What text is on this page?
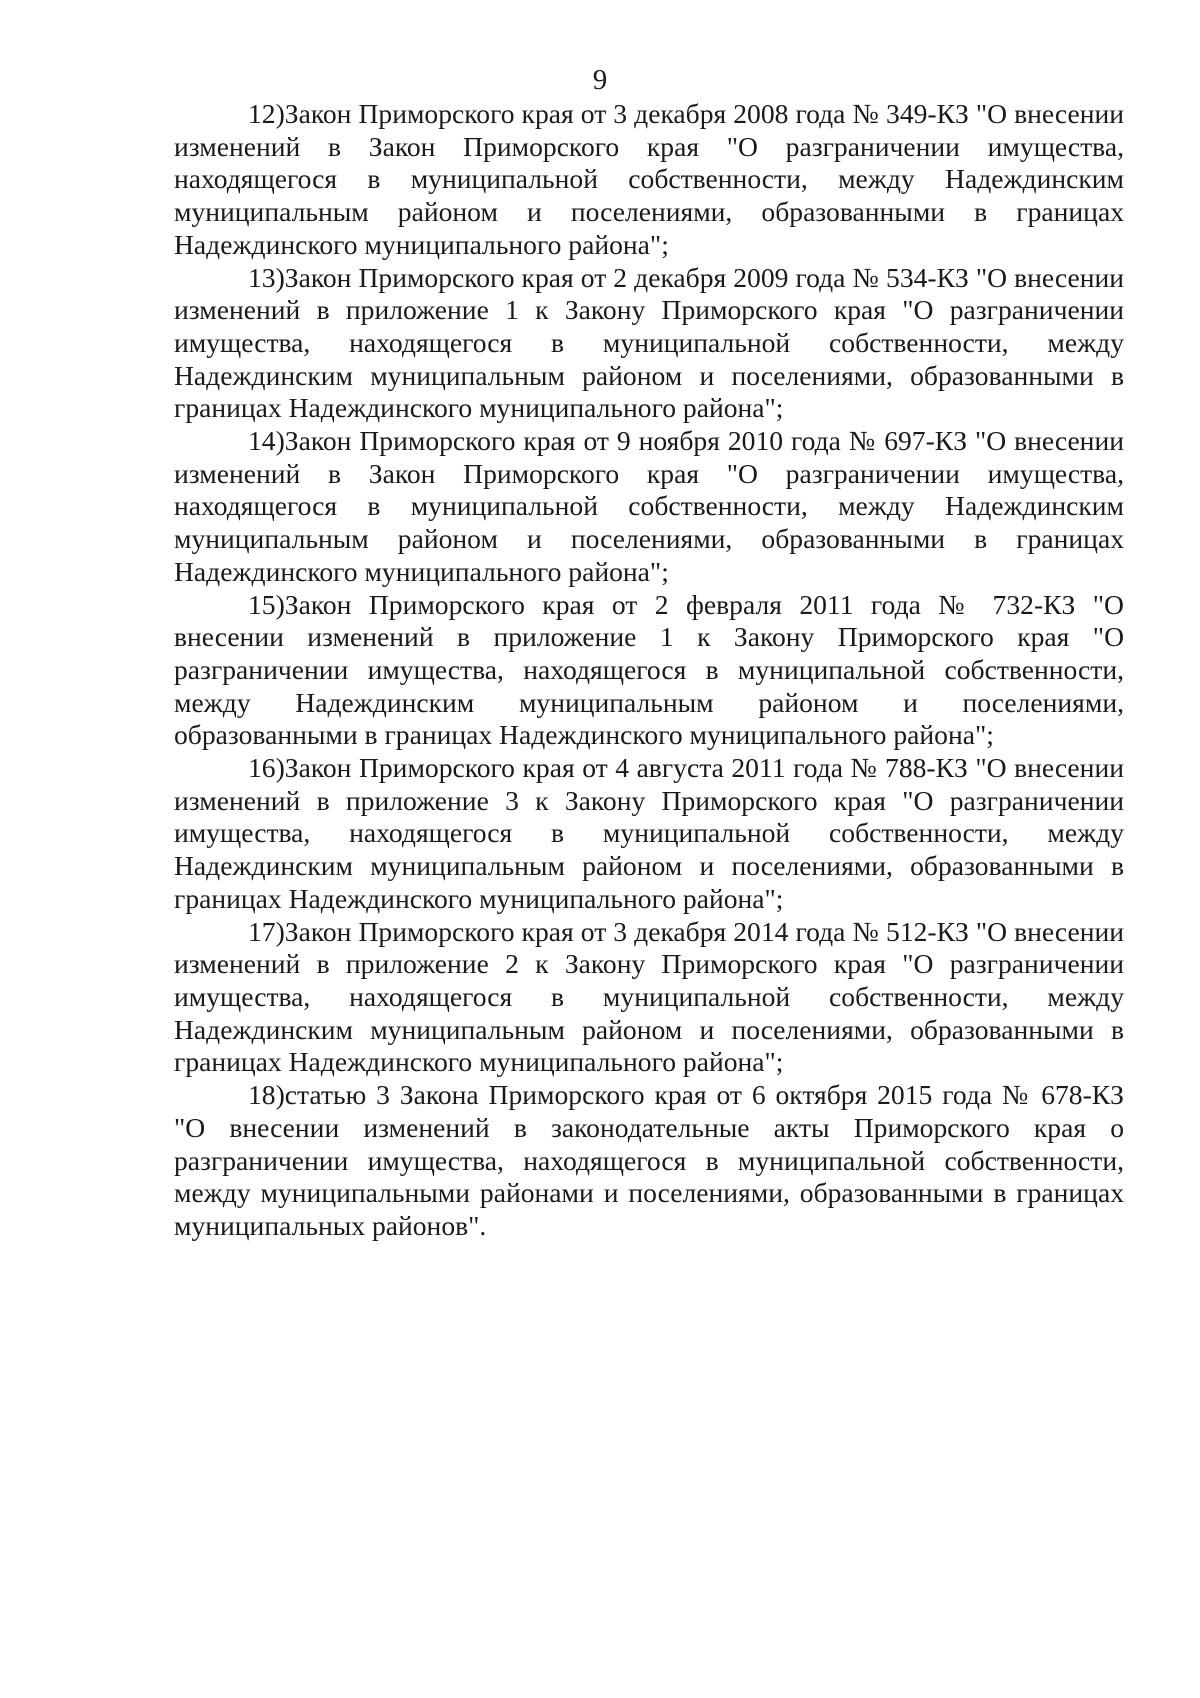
9

12)Закон Приморского края от 3 декабря 2008 года № 349-КЗ "О внесении изменений в Закон Приморского края "О разграничении имущества, находящегося в муниципальной собственности, между Надеждинским муниципальным районом и поселениями, образованными в границах Надеждинского муниципального района";

13)Закон Приморского края от 2 декабря 2009 года № 534-КЗ "О внесении изменений в приложение 1 к Закону Приморского края "О разграничении имущества, находящегося в муниципальной собственности, между Надеждинским муниципальным районом и поселениями, образованными в границах Надеждинского муниципального района";

14)Закон Приморского края от 9 ноября 2010 года № 697-КЗ "О внесении изменений в Закон Приморского края "О разграничении имущества, находящегося в муниципальной собственности, между Надеждинским муниципальным районом и поселениями, образованными в границах Надеждинского муниципального района";

15)Закон Приморского края от 2 февраля 2011 года № 732-КЗ "О внесении изменений в приложение 1 к Закону Приморского края "О разграничении имущества, находящегося в муниципальной собственности, между Надеждинским муниципальным районом и поселениями, образованными в границах Надеждинского муниципального района";

16)Закон Приморского края от 4 августа 2011 года № 788-КЗ "О внесении изменений в приложение 3 к Закону Приморского края "О разграничении имущества, находящегося в муниципальной собственности, между Надеждинским муниципальным районом и поселениями, образованными в границах Надеждинского муниципального района";

17)Закон Приморского края от 3 декабря 2014 года № 512-КЗ "О внесении изменений в приложение 2 к Закону Приморского края "О разграничении имущества, находящегося в муниципальной собственности, между Надеждинским муниципальным районом и поселениями, образованными в границах Надеждинского муниципального района";

18)статью 3 Закона Приморского края от 6 октября 2015 года № 678-КЗ "О внесении изменений в законодательные акты Приморского края о разграничении имущества, находящегося в муниципальной собственности, между муниципальными районами и поселениями, образованными в границах муниципальных районов".
